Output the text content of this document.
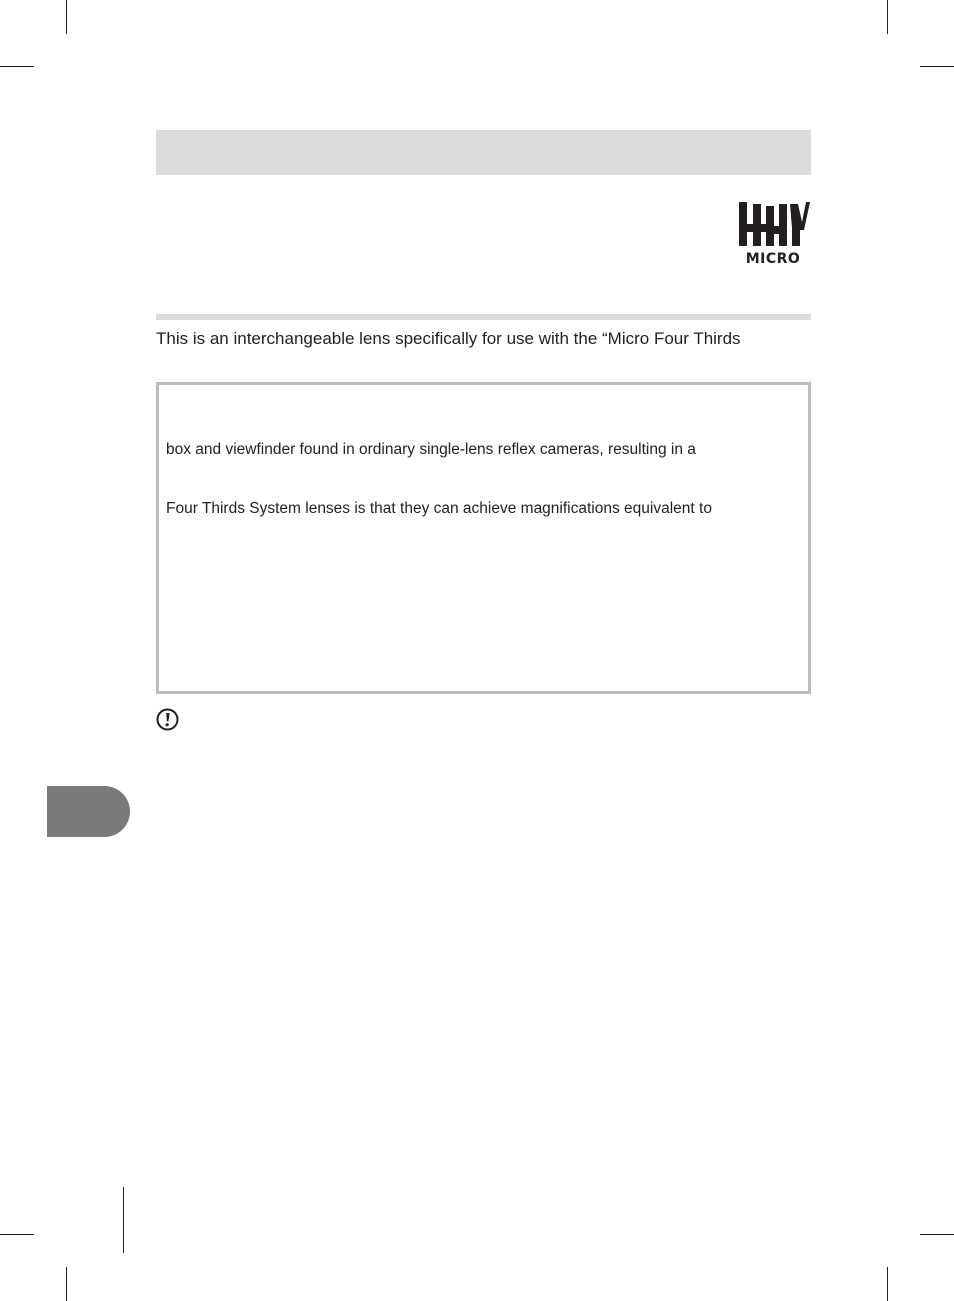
MICRO
This is an interchangeable lens specifically for use with the “Micro Four Thirds
box and viewfinder found in ordinary single-lens reflex cameras, resulting in a
Four Thirds System lenses is that they can achieve magnifications equivalent to
